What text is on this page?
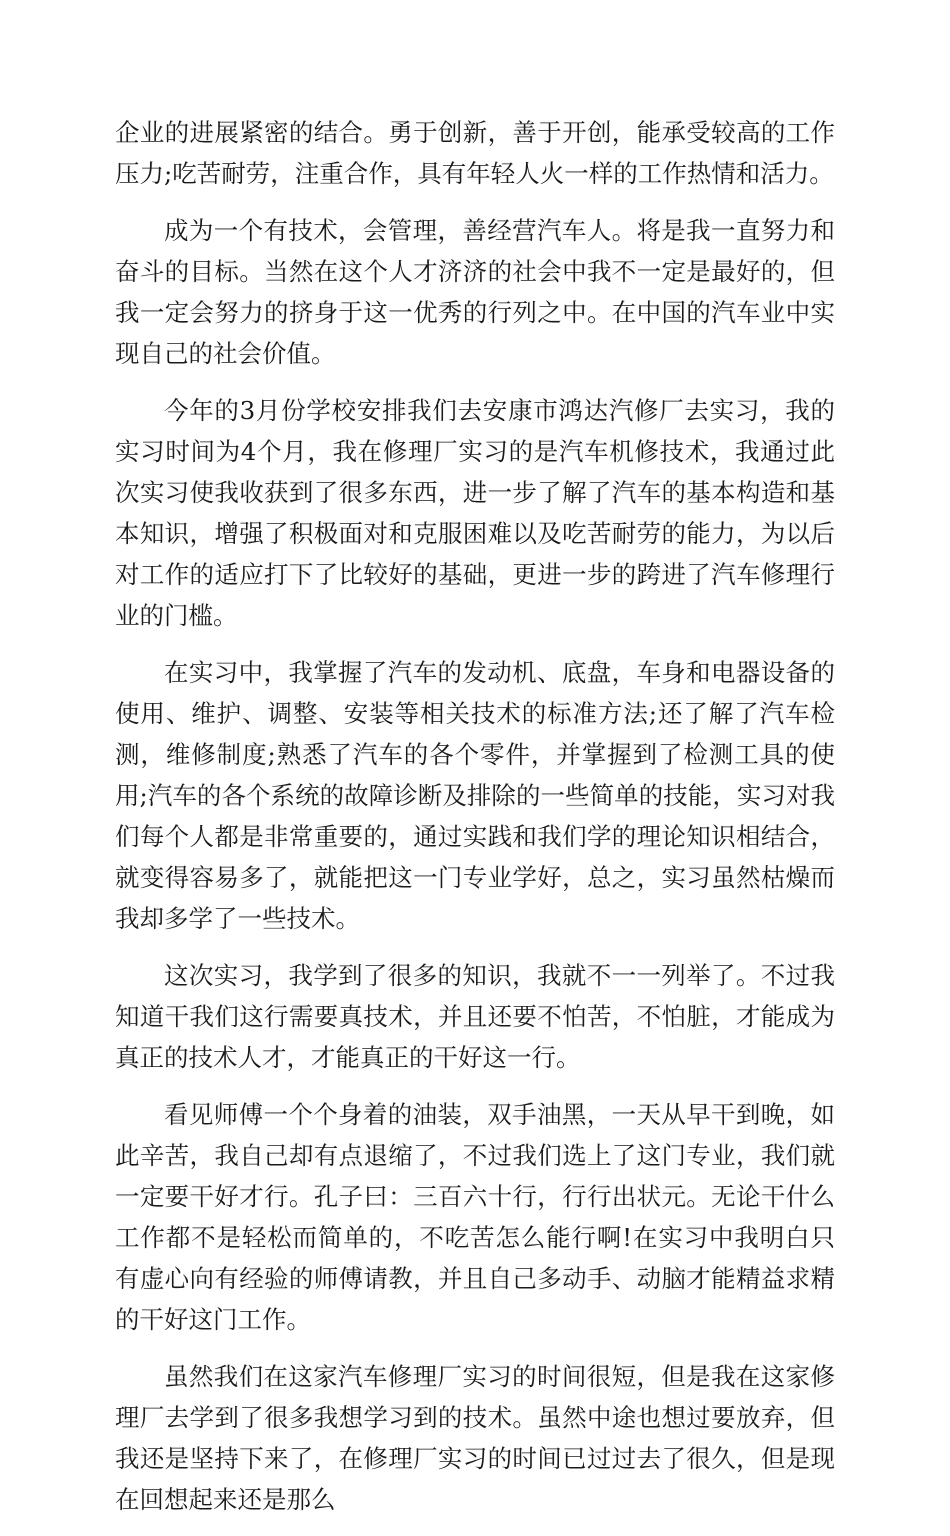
企业的进展紧密的结合。勇于创新，善于开创，能承受较高的工作压力;吃苦耐劳，注重合作，具有年轻人火一样的工作热情和活力。

成为一个有技术，会管理，善经营汽车人。将是我一直努力和奋斗的目标。当然在这个人才济济的社会中我不一定是最好的，但我一定会努力的挤身于这一优秀的行列之中。在中国的汽车业中实现自己的社会价值。

今年的3月份学校安排我们去安康市鸿达汽修厂去实习，我的实习时间为4个月，我在修理厂实习的是汽车机修技术，我通过此次实习使我收获到了很多东西，进一步了解了汽车的基本构造和基本知识，增强了积极面对和克服困难以及吃苦耐劳的能力，为以后对工作的适应打下了比较好的基础，更进一步的跨进了汽车修理行业的门槛。

在实习中，我掌握了汽车的发动机、底盘，车身和电器设备的使用、维护、调整、安装等相关技术的标准方法;还了解了汽车检测，维修制度;熟悉了汽车的各个零件，并掌握到了检测工具的使用;汽车的各个系统的故障诊断及排除的一些简单的技能，实习对我们每个人都是非常重要的，通过实践和我们学的理论知识相结合，就变得容易多了，就能把这一门专业学好，总之，实习虽然枯燥而我却多学了一些技术。

这次实习，我学到了很多的知识，我就不一一列举了。不过我知道干我们这行需要真技术，并且还要不怕苦，不怕脏，才能成为真正的技术人才，才能真正的干好这一行。

看见师傅一个个身着的油装，双手油黑，一天从早干到晚，如此辛苦，我自己却有点退缩了，不过我们选上了这门专业，我们就一定要干好才行。孔子曰：三百六十行，行行出状元。无论干什么工作都不是轻松而简单的，不吃苦怎么能行啊!在实习中我明白只有虚心向有经验的师傅请教，并且自己多动手、动脑才能精益求精的干好这门工作。

虽然我们在这家汽车修理厂实习的时间很短，但是我在这家修理厂去学到了很多我想学习到的技术。虽然中途也想过要放弃，但我还是坚持下来了，在修理厂实习的时间已过过去了很久，但是现在回想起来还是那么
